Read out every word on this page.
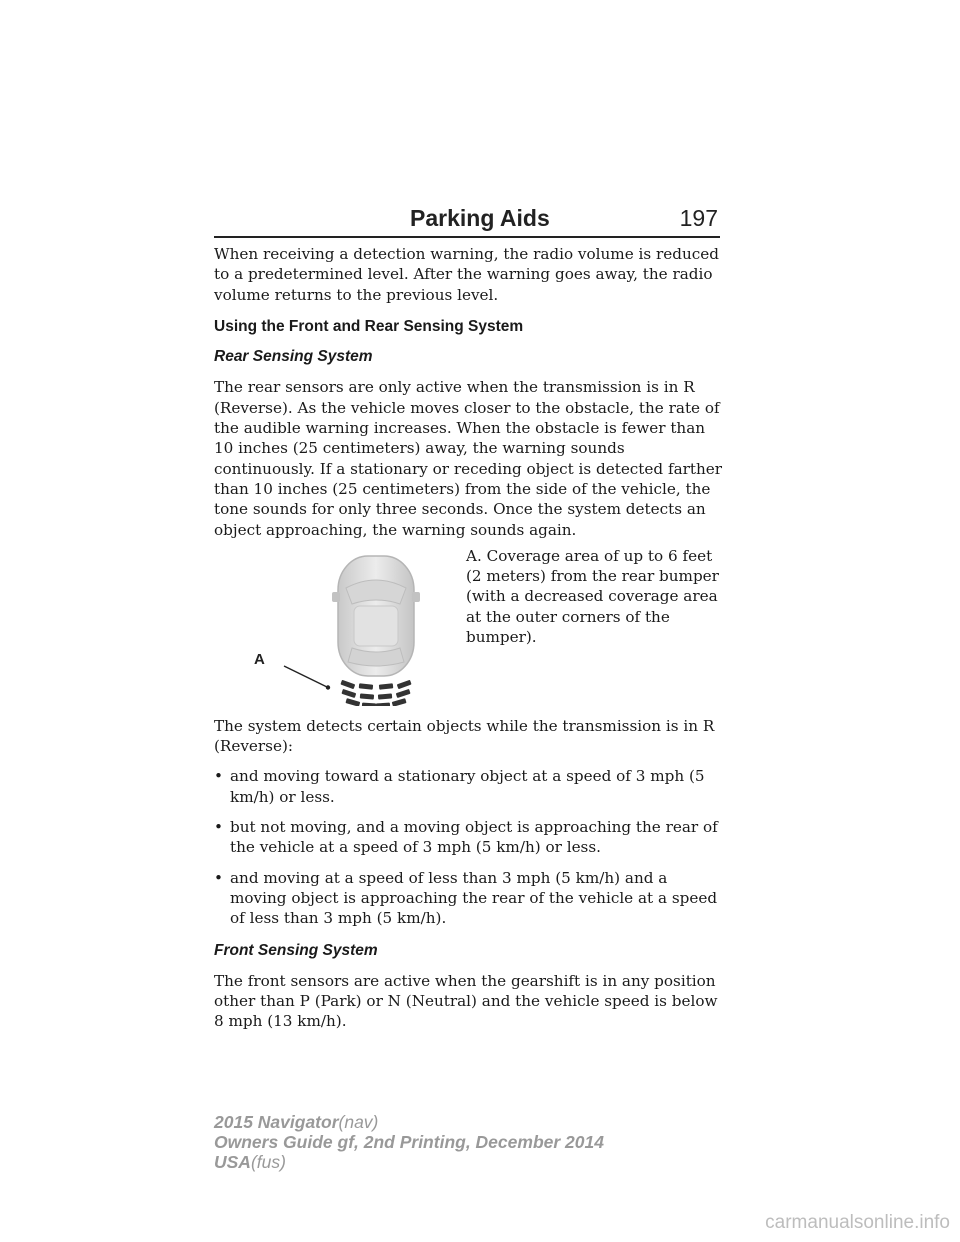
Parking Aids	197

When receiving a detection warning, the radio volume is reduced to a predetermined level. After the warning goes away, the radio volume returns to the previous level.

Using the Front and Rear Sensing System
Rear Sensing System

The rear sensors are only active when the transmission is in R (Reverse). As the vehicle moves closer to the obstacle, the rate of the audible warning increases. When the obstacle is fewer than 10 inches (25 centimeters) away, the warning sounds continuously. If a stationary or receding object is detected farther than 10 inches (25 centimeters) from the side of the vehicle, the tone sounds for only three seconds. Once the system detects an object approaching, the warning sounds again.

A

A. Coverage area of up to 6 feet (2 meters) from the rear bumper (with a decreased coverage area at the outer corners of the bumper).

The system detects certain objects while the transmission is in R (Reverse):

• and moving toward a stationary object at a speed of 3 mph (5 km/h) or less.
• but not moving, and a moving object is approaching the rear of the vehicle at a speed of 3 mph (5 km/h) or less.
• and moving at a speed of less than 3 mph (5 km/h) and a moving object is approaching the rear of the vehicle at a speed of less than 3 mph (5 km/h).
Front Sensing System

The front sensors are active when the gearshift is in any position other than P (Park) or N (Neutral) and the vehicle speed is below 8 mph (13 km/h).

2015 Navigator(nav)
Owners Guide gf, 2nd Printing, December 2014
USA(fus)
carmanualsonline.info
